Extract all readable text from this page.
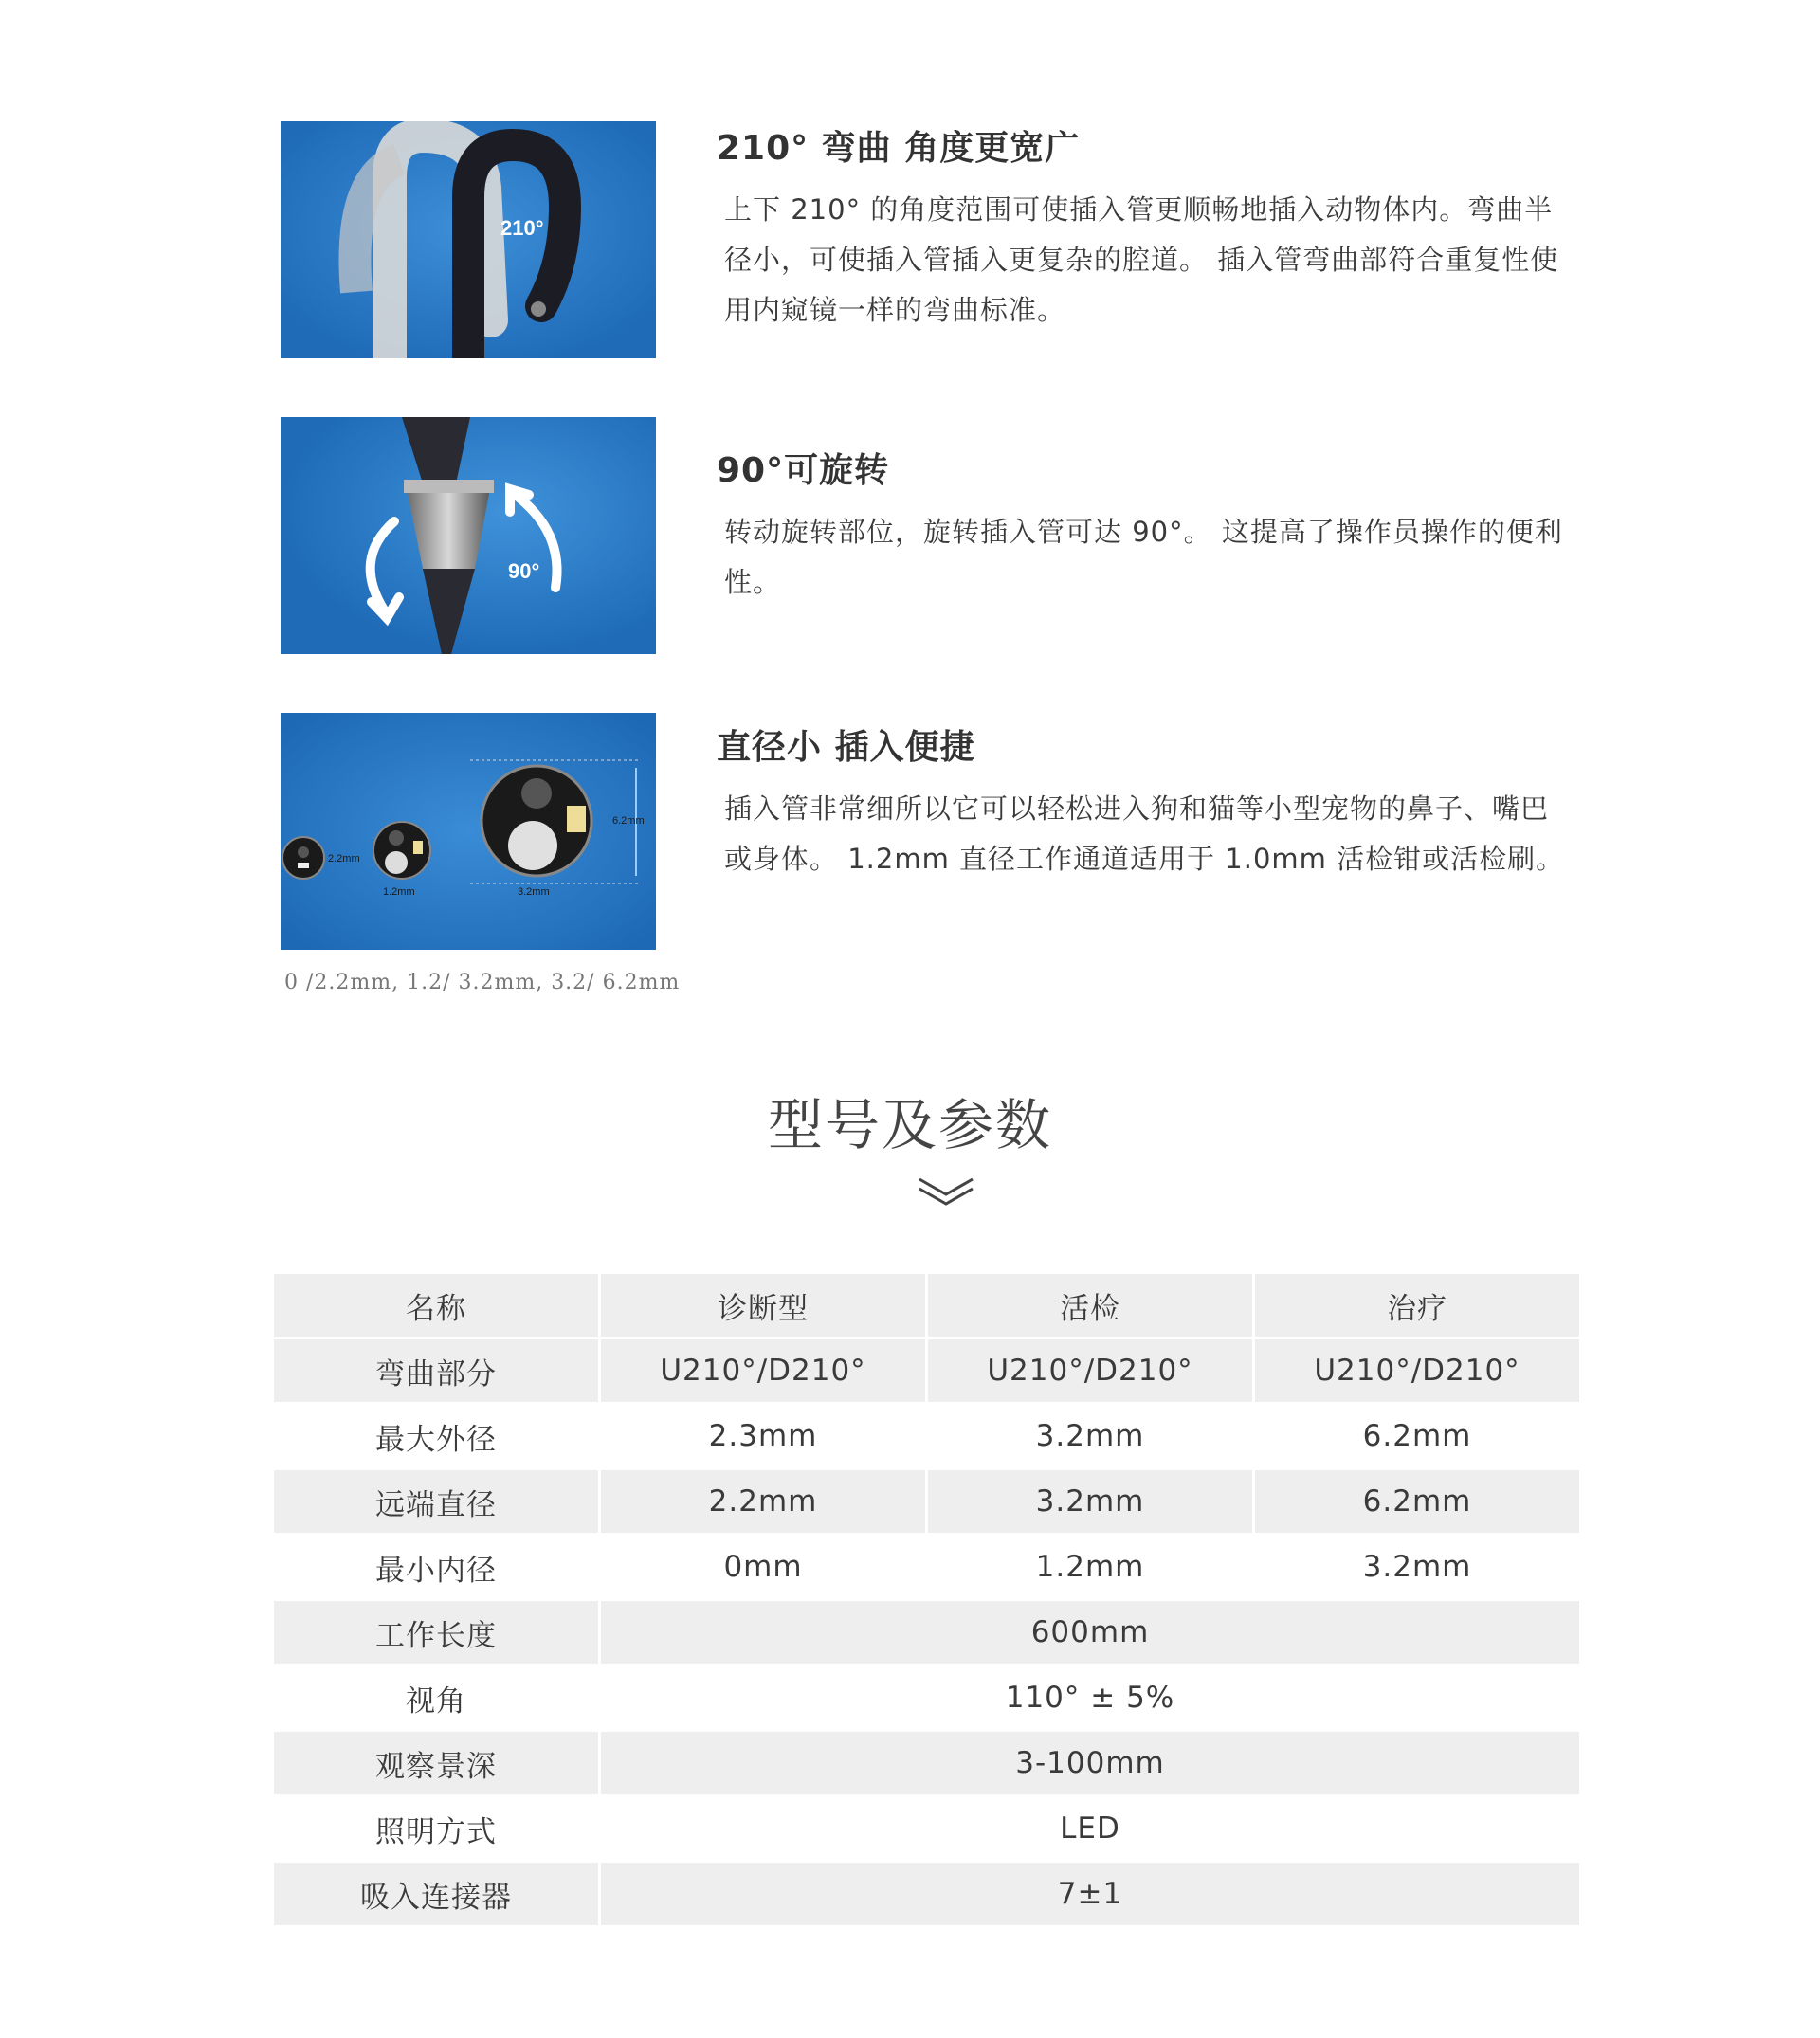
210°
210° 弯曲 角度更宽广

上下 210° 的角度范围可使插入管更顺畅地插入动物体内。弯曲半径小，可使插入管插入更复杂的腔道。 插入管弯曲部符合重复性使用内窥镜一样的弯曲标准。

90°
90°可旋转

转动旋转部位，旋转插入管可达 90°。 这提高了操作员操作的便利性。

2.2mm
1.2mm	3.2mm
6.2mm
直径小 插入便捷

插入管非常细所以它可以轻松进入狗和猫等小型宠物的鼻子、嘴巴或身体。 1.2mm 直径工作通道适用于 1.0mm 活检钳或活检刷。

0 /2.2mm, 1.2/ 3.2mm, 3.2/ 6.2mm
型号及参数
名称	诊断型	活检	治疗
弯曲部分	U210°/D210°	U210°/D210°	U210°/D210°
最大外径	2.3mm	3.2mm	6.2mm
远端直径	2.2mm	3.2mm	6.2mm
最小内径	0mm	1.2mm	3.2mm
工作长度	600mm		
视角	110° ± 5%		
观察景深	3-100mm		
照明方式	LED		
吸入连接器	7±1		
